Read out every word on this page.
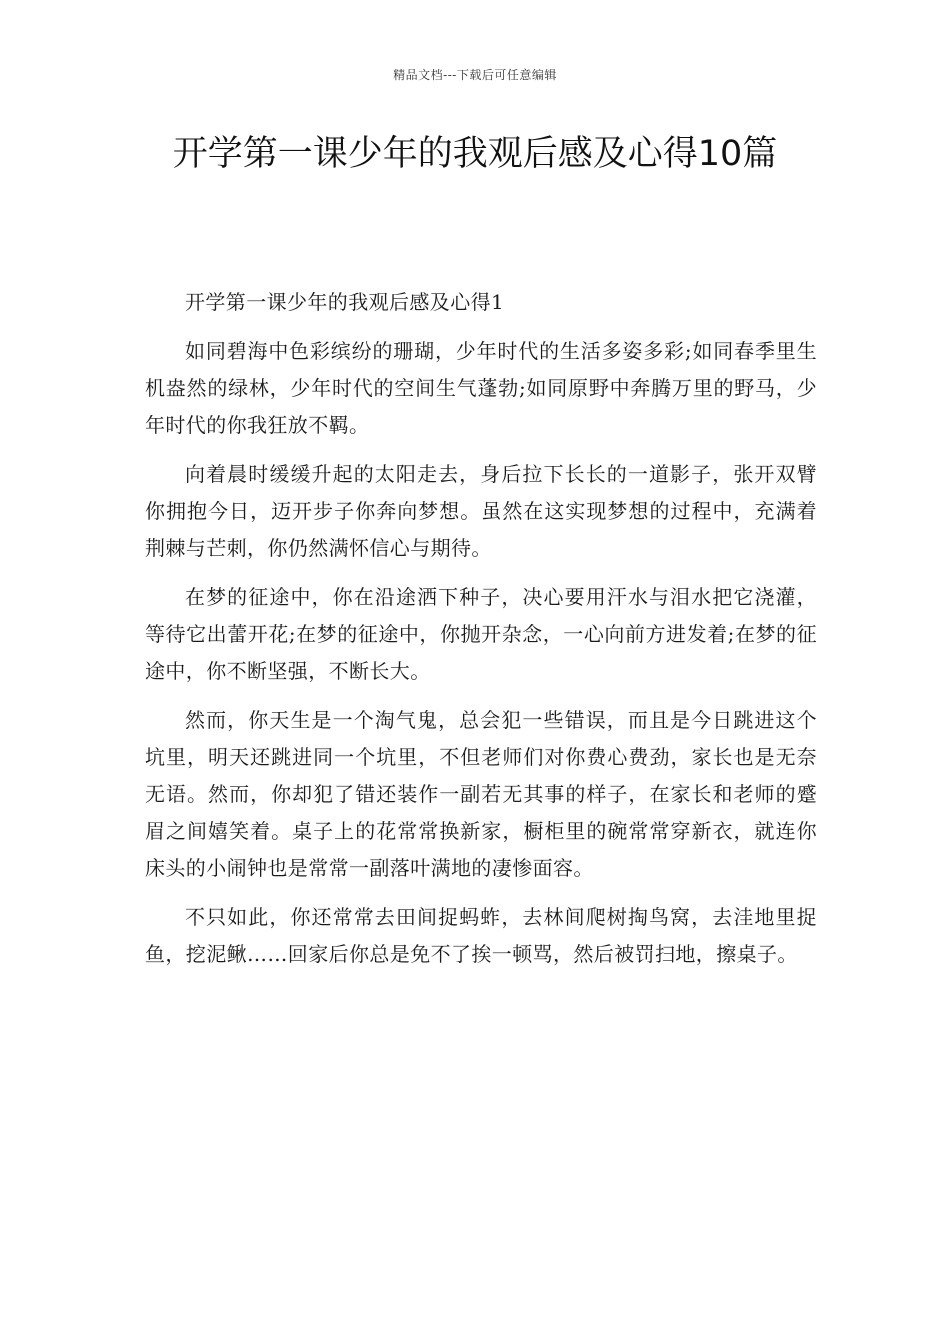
精品文档---下载后可任意编辑
开学第一课少年的我观后感及心得10篇

开学第一课少年的我观后感及心得1

如同碧海中色彩缤纷的珊瑚，少年时代的生活多姿多彩;如同春季里生机盎然的绿林，少年时代的空间生气蓬勃;如同原野中奔腾万里的野马，少年时代的你我狂放不羁。

向着晨时缓缓升起的太阳走去，身后拉下长长的一道影子，张开双臂你拥抱今日，迈开步子你奔向梦想。虽然在这实现梦想的过程中，充满着荆棘与芒刺，你仍然满怀信心与期待。

在梦的征途中，你在沿途洒下种子，决心要用汗水与泪水把它浇灌，等待它出蕾开花;在梦的征途中，你抛开杂念，一心向前方进发着;在梦的征途中，你不断坚强，不断长大。

然而，你天生是一个淘气鬼，总会犯一些错误，而且是今日跳进这个坑里，明天还跳进同一个坑里，不但老师们对你费心费劲，家长也是无奈无语。然而，你却犯了错还装作一副若无其事的样子，在家长和老师的蹙眉之间嬉笑着。桌子上的花常常换新家，橱柜里的碗常常穿新衣，就连你床头的小闹钟也是常常一副落叶满地的凄惨面容。

不只如此，你还常常去田间捉蚂蚱，去林间爬树掏鸟窝，去洼地里捉鱼，挖泥鳅……回家后你总是免不了挨一顿骂，然后被罚扫地，擦桌子。
